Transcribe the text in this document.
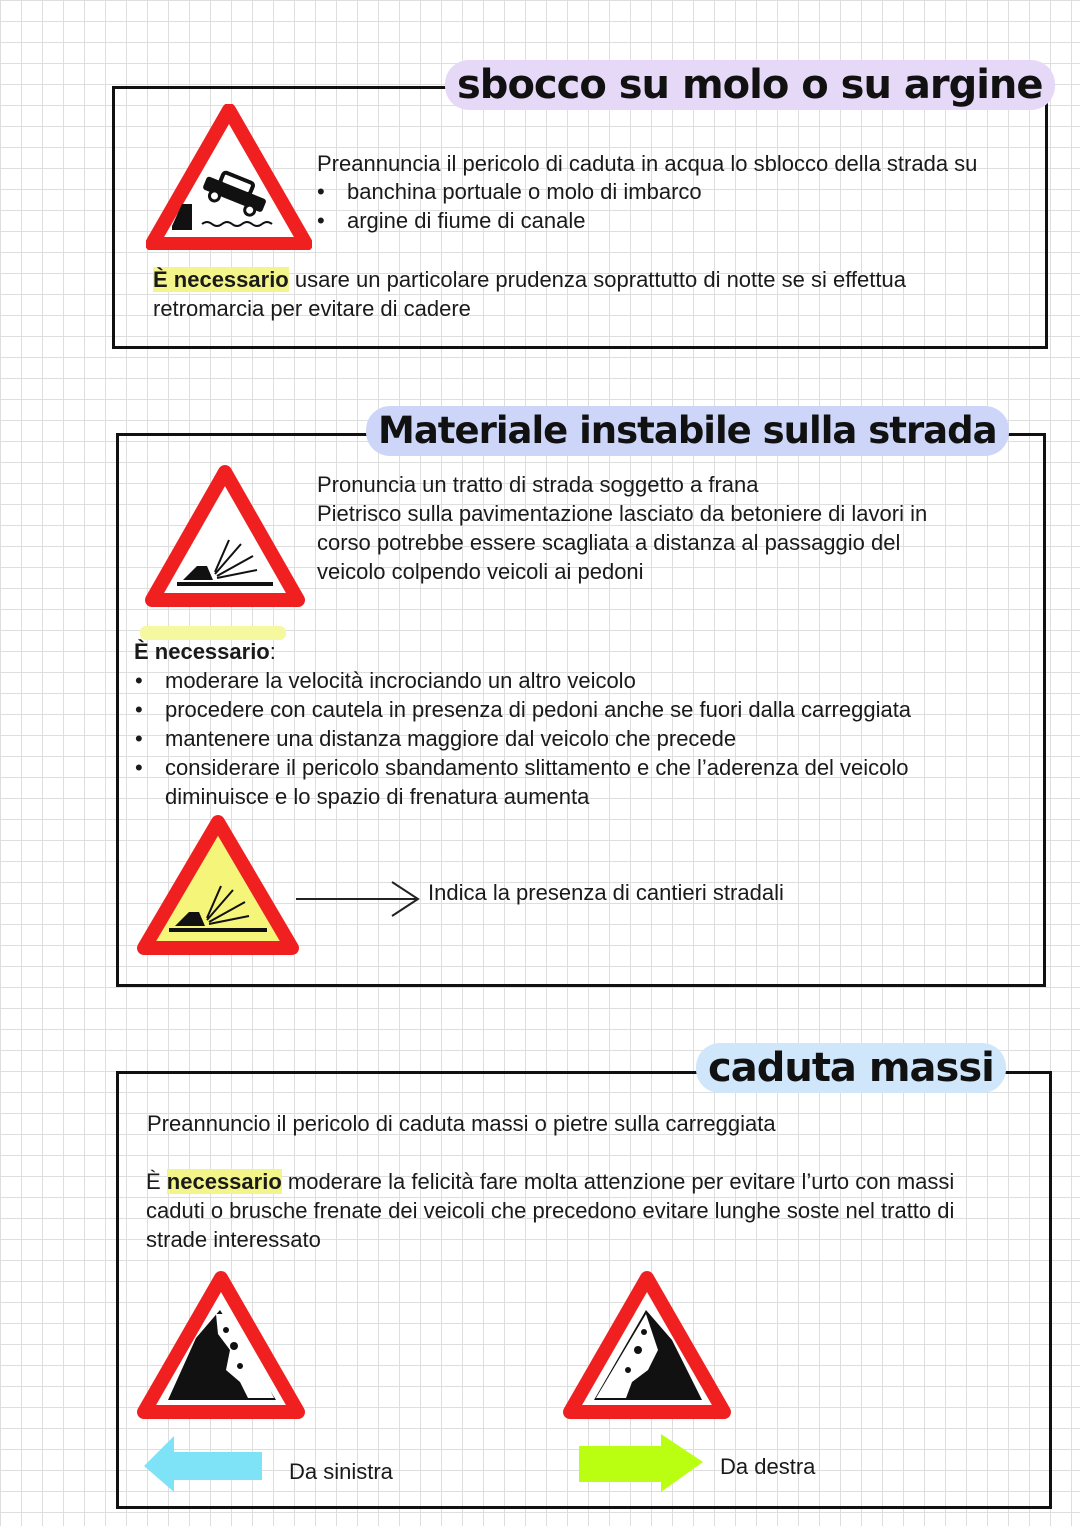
sbocco su molo o su argine
Preannuncia il pericolo di caduta in acqua lo sblocco della strada su
• banchina portuale o molo di imbarco
• argine di fiume di canale
È necessario usare un particolare prudenza soprattutto di notte se si effettua
retromarcia per evitare di cadere
Materiale instabile sulla strada
Pronuncia un tratto di strada soggetto a frana
Pietrisco sulla pavimentazione lasciato da betoniere di lavori in
corso potrebbe essere scagliata a distanza al passaggio del
veicolo colpendo veicoli ai pedoni
È necessario:
• moderare la velocità incrociando un altro veicolo
• procedere con cautela in presenza di pedoni anche se fuori dalla carreggiata
• mantenere una distanza maggiore dal veicolo che precede
• considerare il pericolo sbandamento slittamento e che l’aderenza del veicolo
diminuisce e lo spazio di frenatura aumenta
Indica la presenza di cantieri stradali
caduta massi
Preannuncio il pericolo di caduta massi o pietre sulla carreggiata
È necessario moderare la felicità fare molta attenzione per evitare l’urto con massi
caduti o brusche frenate dei veicoli che precedono evitare lunghe soste nel tratto di
strade interessato
Da sinistra	Da destra
